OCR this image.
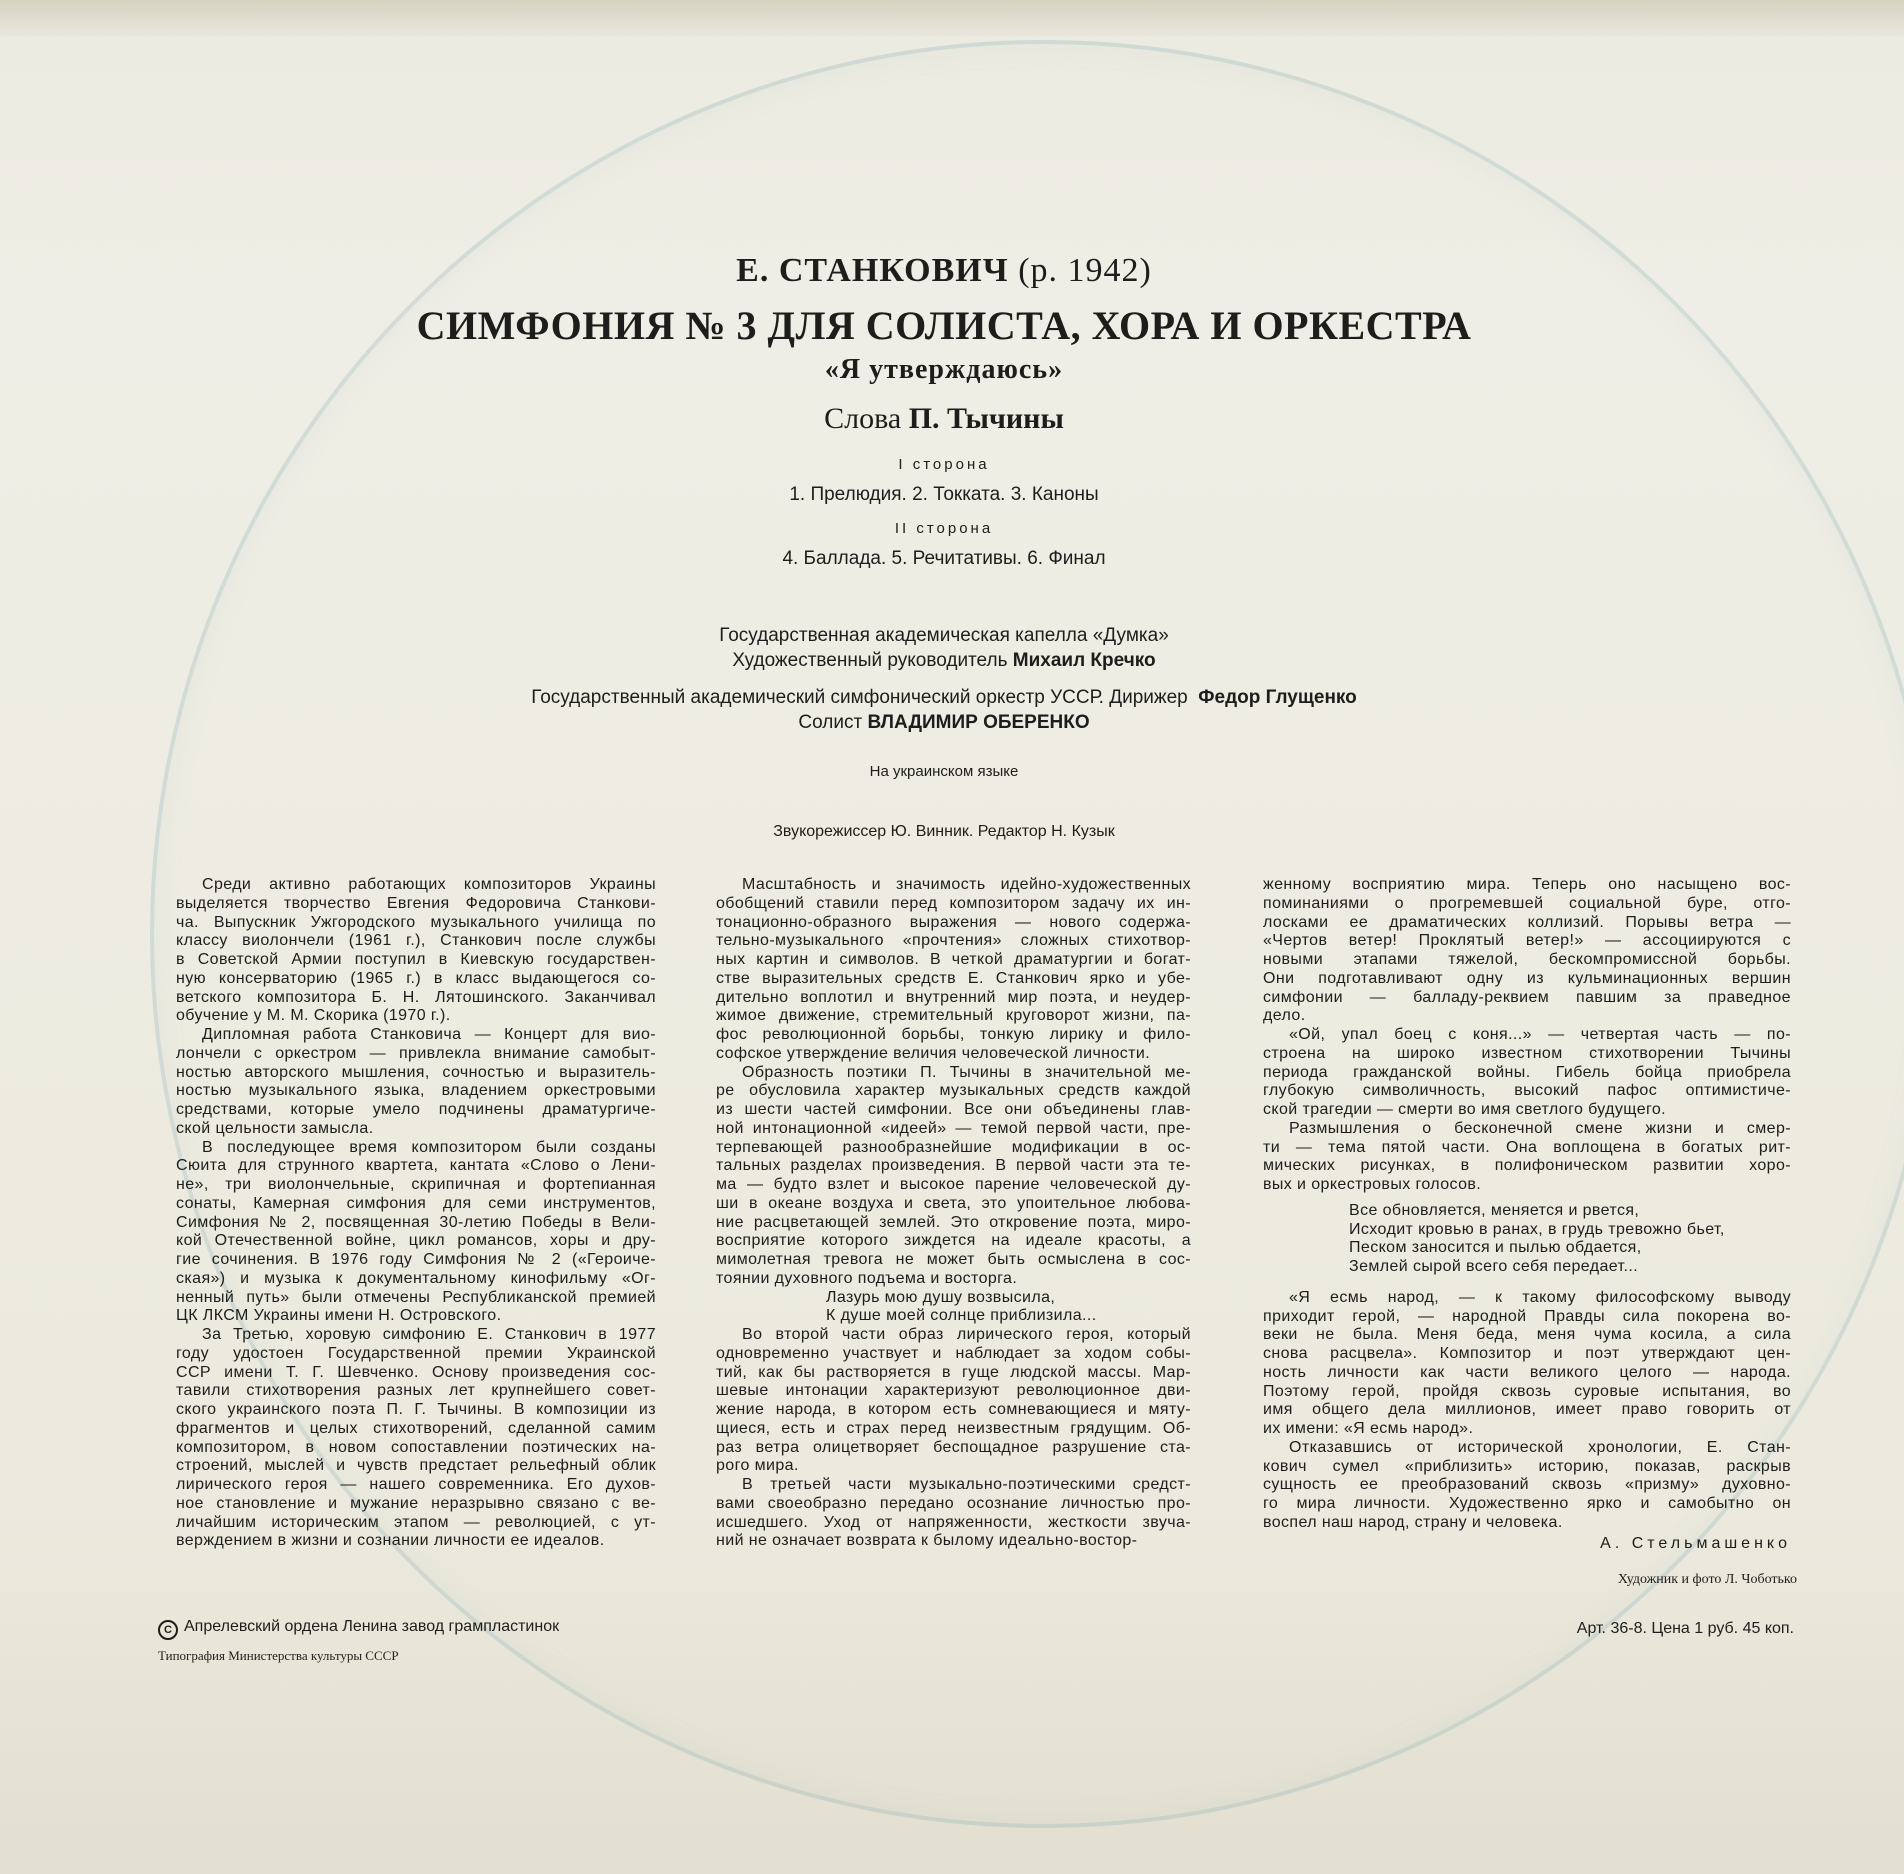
Е. СТАНКОВИЧ (р. 1942)
СИМФОНИЯ № 3 ДЛЯ СОЛИСТА, ХОРА И ОРКЕСТРА
«Я утверждаюсь»
Слова П. Тычины
I сторона
1. Прелюдия. 2. Токката. 3. Каноны
II сторона
4. Баллада. 5. Речитативы. 6. Финал
Государственная академическая капелла «Думка»
Художественный руководитель Михаил Кречко
Государственный академический симфонический оркестр УССР. Дирижер Федор Глущенко
Солист ВЛАДИМИР ОБЕРЕНКО
На украинском языке
Звукорежиссер Ю. Винник. Редактор Н. Кузык
Среди активно работающих композиторов Украины
выделяется творчество Евгения Федоровича Станкови-
ча. Выпускник Ужгородского музыкального училища по
классу виолончели (1961 г.), Станкович после службы
в Советской Армии поступил в Киевскую государствен-
ную консерваторию (1965 г.) в класс выдающегося со-
ветского композитора Б. Н. Лятошинского. Заканчивал
обучение у М. М. Скорика (1970 г.).
Дипломная работа Станковича — Концерт для вио-
лончели с оркестром — привлекла внимание самобыт-
ностью авторского мышления, сочностью и выразитель-
ностью музыкального языка, владением оркестровыми
средствами, которые умело подчинены драматургиче-
ской цельности замысла.
В последующее время композитором были созданы
Сюита для струнного квартета, кантата «Слово о Лени-
не», три виолончельные, скрипичная и фортепианная
сонаты, Камерная симфония для семи инструментов,
Симфония № 2, посвященная 30-летию Победы в Вели-
кой Отечественной войне, цикл романсов, хоры и дру-
гие сочинения. В 1976 году Симфония № 2 («Героиче-
ская») и музыка к документальному кинофильму «Ог-
ненный путь» были отмечены Республиканской премией
ЦК ЛКСМ Украины имени Н. Островского.
За Третью, хоровую симфонию Е. Станкович в 1977
году удостоен Государственной премии Украинской
ССР имени Т. Г. Шевченко. Основу произведения сос-
тавили стихотворения разных лет крупнейшего совет-
ского украинского поэта П. Г. Тычины. В композиции из
фрагментов и целых стихотворений, сделанной самим
композитором, в новом сопоставлении поэтических на-
строений, мыслей и чувств предстает рельефный облик
лирического героя — нашего современника. Его духов-
ное становление и мужание неразрывно связано с ве-
личайшим историческим этапом — революцией, с ут-
верждением в жизни и сознании личности ее идеалов.
Масштабность и значимость идейно-художественных
обобщений ставили перед композитором задачу их ин-
тонационно-образного выражения — нового содержа-
тельно-музыкального «прочтения» сложных стихотвор-
ных картин и символов. В четкой драматургии и богат-
стве выразительных средств Е. Станкович ярко и убе-
дительно воплотил и внутренний мир поэта, и неудер-
жимое движение, стремительный круговорот жизни, па-
фос революционной борьбы, тонкую лирику и фило-
софское утверждение величия человеческой личности.
Образность поэтики П. Тычины в значительной ме-
ре обусловила характер музыкальных средств каждой
из шести частей симфонии. Все они объединены глав-
ной интонационной «идеей» — темой первой части, пре-
терпевающей разнообразнейшие модификации в ос-
тальных разделах произведения. В первой части эта те-
ма — будто взлет и высокое парение человеческой ду-
ши в океане воздуха и света, это упоительное любова-
ние расцветающей землей. Это откровение поэта, миро-
восприятие которого зиждется на идеале красоты, а
мимолетная тревога не может быть осмыслена в сос-
тоянии духовного подъема и восторга.
Лазурь мою душу возвысила,
К душе моей солнце приблизила...
Во второй части образ лирического героя, который
одновременно участвует и наблюдает за ходом собы-
тий, как бы растворяется в гуще людской массы. Мар-
шевые интонации характеризуют революционное дви-
жение народа, в котором есть сомневающиеся и мяту-
щиеся, есть и страх перед неизвестным грядущим. Об-
раз ветра олицетворяет беспощадное разрушение ста-
рого мира.
В третьей части музыкально-поэтическими средст-
вами своеобразно передано осознание личностью про-
исшедшего. Уход от напряженности, жесткости звуча-
ний не означает возврата к былому идеально-востор-
женному восприятию мира. Теперь оно насыщено вос-
поминаниями о прогремевшей социальной буре, отго-
лосками ее драматических коллизий. Порывы ветра —
«Чертов ветер! Проклятый ветер!» — ассоциируются с
новыми этапами тяжелой, бескомпромиссной борьбы.
Они подготавливают одну из кульминационных вершин
симфонии — балладу-реквием павшим за праведное
дело.
«Ой, упал боец с коня...» — четвертая часть — по-
строена на широко известном стихотворении Тычины
периода гражданской войны. Гибель бойца приобрела
глубокую символичность, высокий пафос оптимистиче-
ской трагедии — смерти во имя светлого будущего.
Размышления о бесконечной смене жизни и смер-
ти — тема пятой части. Она воплощена в богатых рит-
мических рисунках, в полифоническом развитии хоро-
вых и оркестровых голосов.
Все обновляется, меняется и рвется,
Исходит кровью в ранах, в грудь тревожно бьет,
Песком заносится и пылью обдается,
Землей сырой всего себя передает...
«Я есмь народ, — к такому философскому выводу
приходит герой, — народной Правды сила покорена во-
веки не была. Меня беда, меня чума косила, а сила
снова расцвела». Композитор и поэт утверждают цен-
ность личности как части великого целого — народа.
Поэтому герой, пройдя сквозь суровые испытания, во
имя общего дела миллионов, имеет право говорить от
их имени: «Я есмь народ».
Отказавшись от исторической хронологии, Е. Стан-
кович сумел «приблизить» историю, показав, раскрыв
сущность ее преобразований сквозь «призму» духовно-
го мира личности. Художественно ярко и самобытно он
воспел наш народ, страну и человека.
А. Стельмашенко
Художник и фото Л. Чоботько
C Апрелевский ордена Ленина завод грампластинок
Типография Министерства культуры СССР
Арт. 36-8. Цена 1 руб. 45 коп.
